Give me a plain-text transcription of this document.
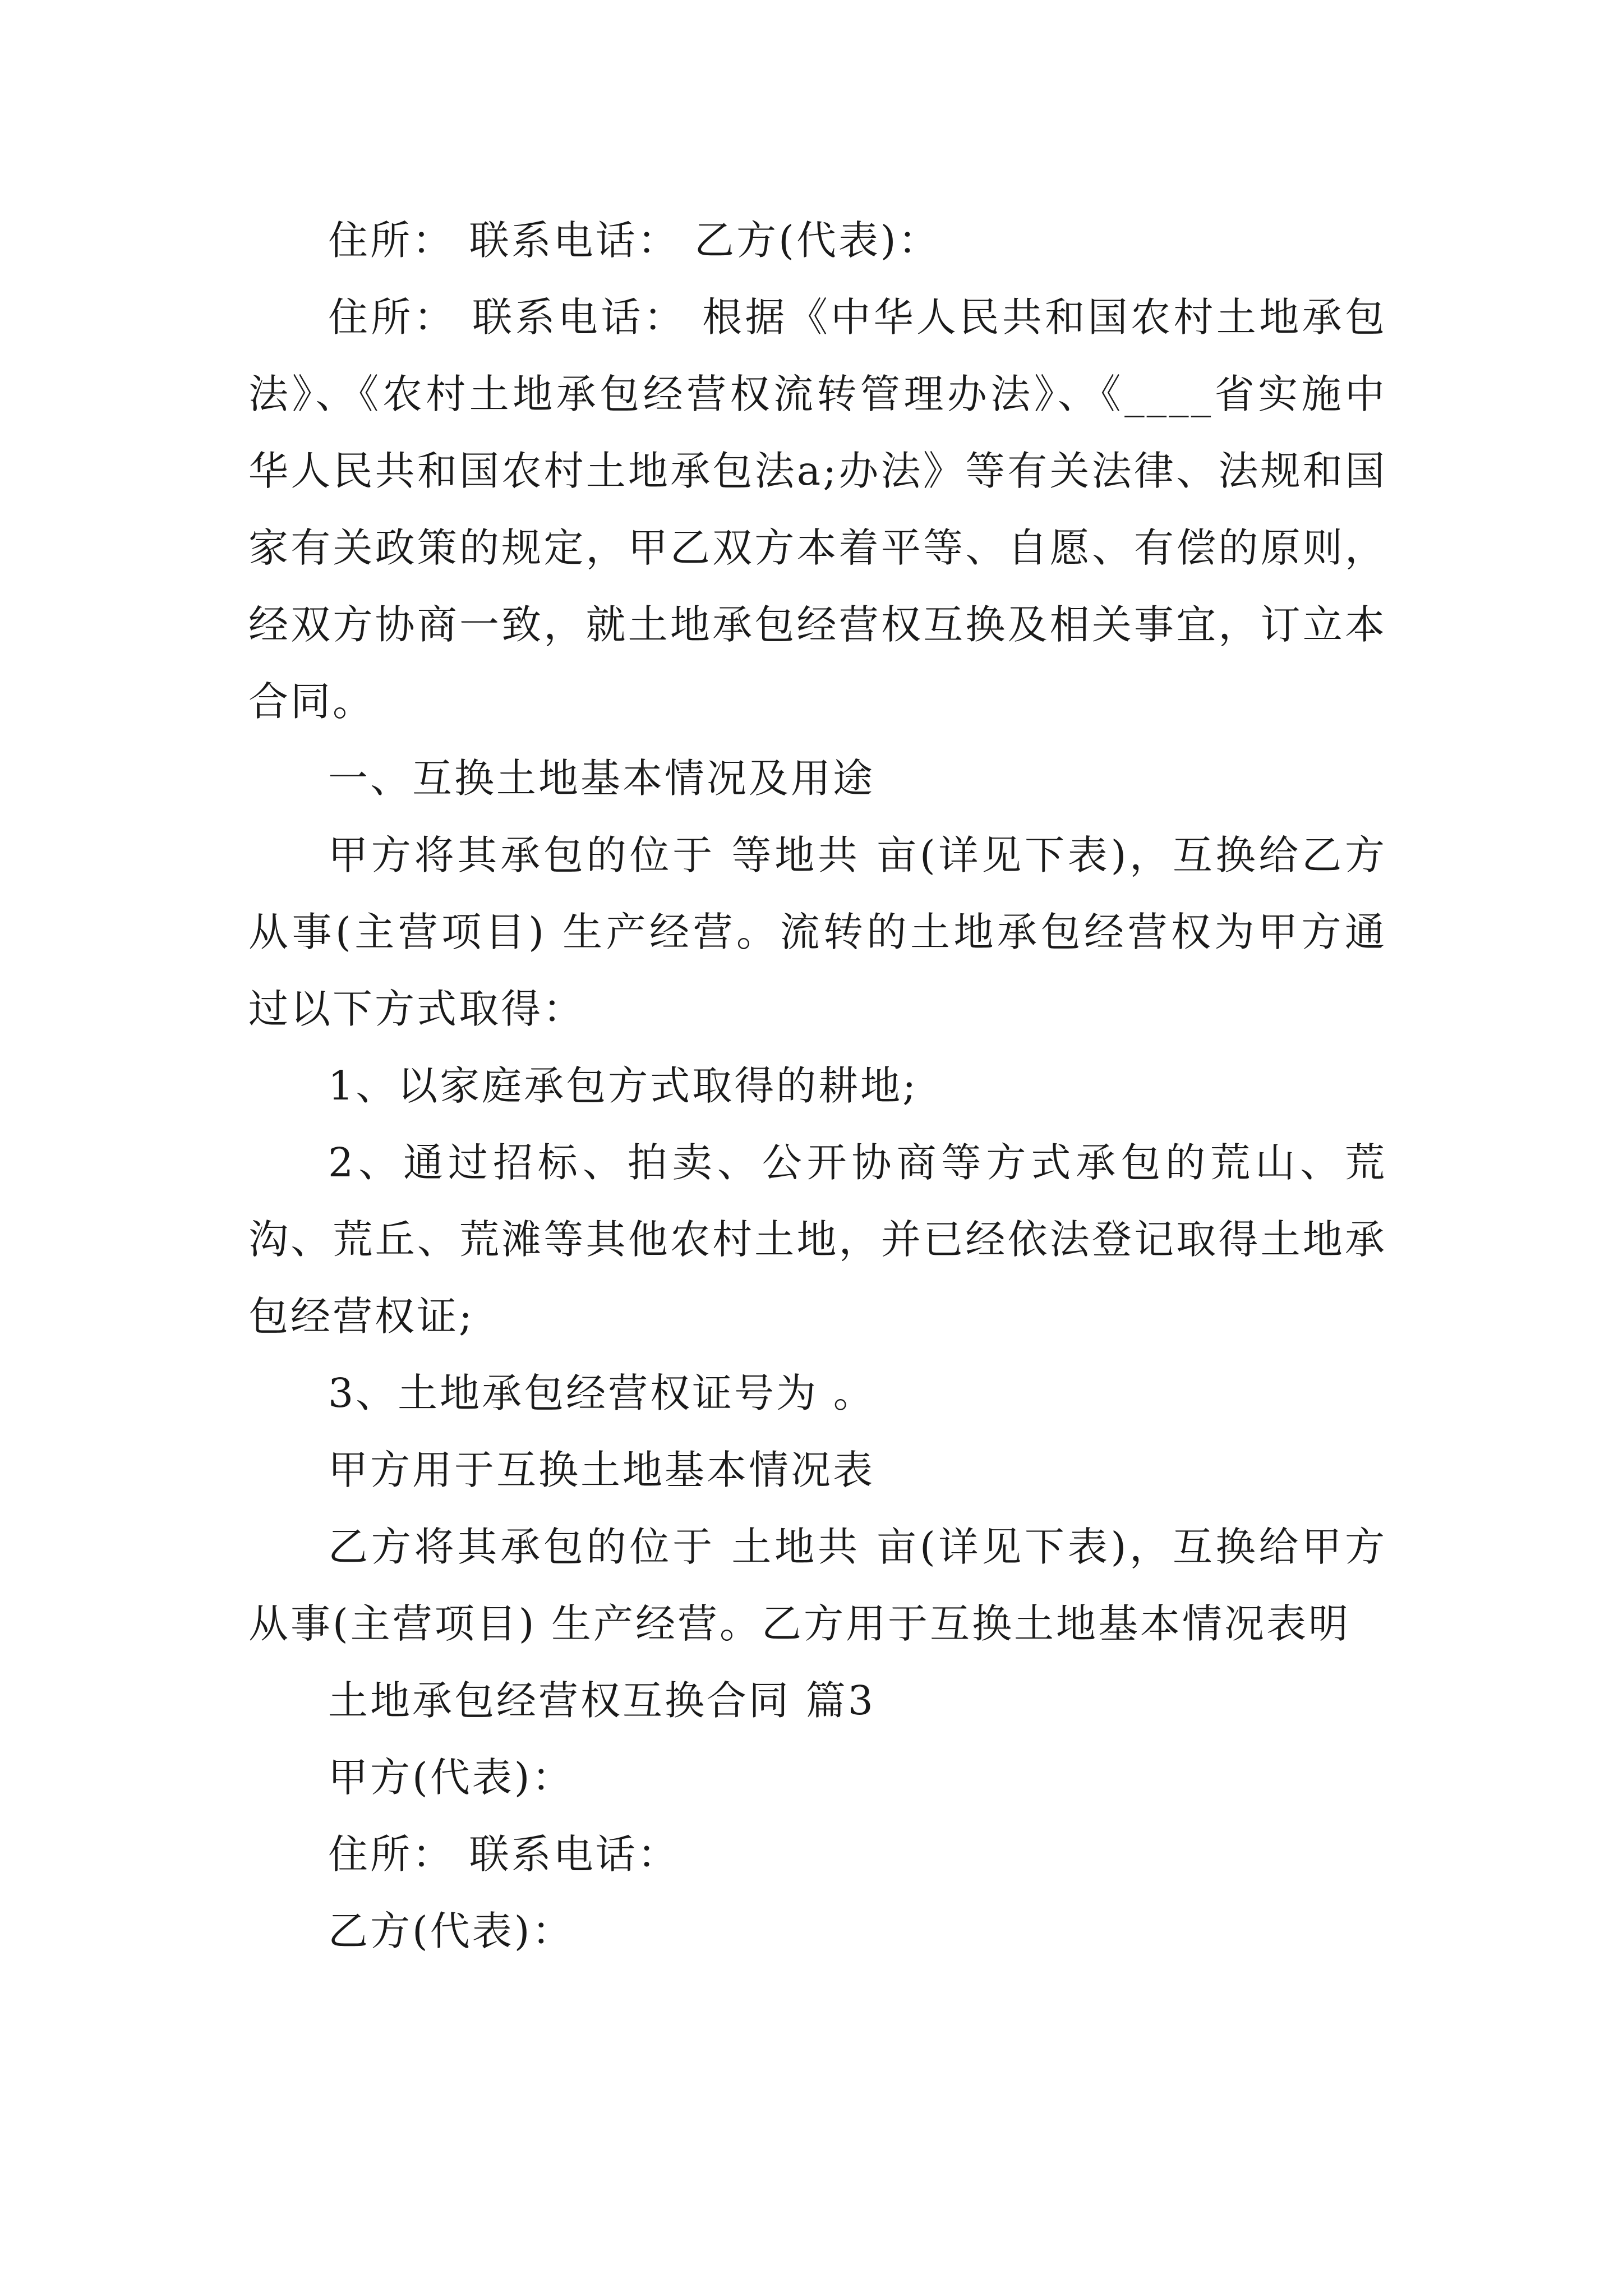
住所： 联系电话： 乙方(代表)：

住所： 联系电话： 根据《中华人民共和国农村土地承包法》、《农村土地承包经营权流转管理办法》、《____省实施中华人民共和国农村土地承包法a;办法》等有关法律、法规和国家有关政策的规定，甲乙双方本着平等、自愿、有偿的原则，经双方协商一致，就土地承包经营权互换及相关事宜，订立本合同。

一、互换土地基本情况及用途

甲方将其承包的位于 等地共 亩(详见下表)，互换给乙方从事(主营项目) 生产经营。流转的土地承包经营权为甲方通过以下方式取得：

1、以家庭承包方式取得的耕地;

2、通过招标、拍卖、公开协商等方式承包的荒山、荒沟、荒丘、荒滩等其他农村土地，并已经依法登记取得土地承包经营权证;

3、土地承包经营权证号为 。

甲方用于互换土地基本情况表

乙方将其承包的位于 土地共 亩(详见下表)，互换给甲方从事(主营项目) 生产经营。乙方用于互换土地基本情况表明

土地承包经营权互换合同 篇3

甲方(代表)：

住所： 联系电话：

乙方(代表)：
